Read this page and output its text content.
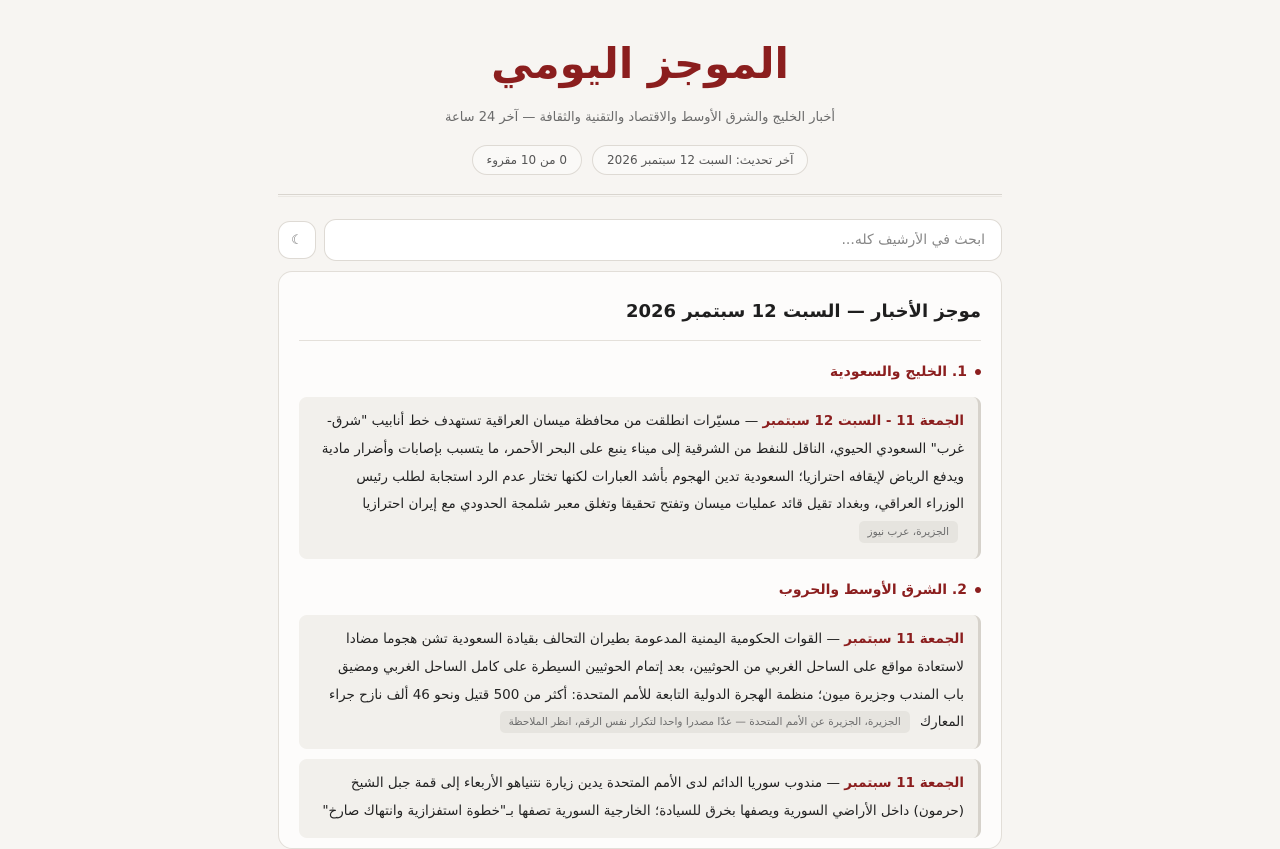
الموجز اليومي

أخبار الخليج والشرق الأوسط والاقتصاد والتقنية والثقافة — آخر 24 ساعة

آخر تحديث: السبت 12 سبتمبر 2026
0 من 10 مقروء
ابحث في الأرشيف كله...
☾
موجز الأخبار — السبت 12 سبتمبر 2026
1. الخليج والسعودية
الجمعة 11 - السبت 12 سبتمبر — مسيّرات انطلقت من محافظة ميسان العراقية تستهدف خط أنابيب "شرق-غرب" السعودي الحيوي، الناقل للنفط من الشرقية إلى ميناء ينبع على البحر الأحمر، ما يتسبب بإصابات وأضرار مادية ويدفع الرياض لإيقافه احترازيا؛ السعودية تدين الهجوم بأشد العبارات لكنها تختار عدم الرد استجابة لطلب رئيس الوزراء العراقي، وبغداد تقيل قائد عمليات ميسان وتفتح تحقيقا وتغلق معبر شلمجة الحدودي مع إيران احترازيا الجزيرة، عرب نيوز
2. الشرق الأوسط والحروب
الجمعة 11 سبتمبر — القوات الحكومية اليمنية المدعومة بطيران التحالف بقيادة السعودية تشن هجوما مضادا لاستعادة مواقع على الساحل الغربي من الحوثيين، بعد إتمام الحوثيين السيطرة على كامل الساحل الغربي ومضيق باب المندب وجزيرة ميون؛ منظمة الهجرة الدولية التابعة للأمم المتحدة: أكثر من 500 قتيل ونحو 46 ألف نازح جراء المعارك الجزيرة، الجزيرة عن الأمم المتحدة — عدّا مصدرا واحدا لتكرار نفس الرقم، انظر الملاحظة
الجمعة 11 سبتمبر — مندوب سوريا الدائم لدى الأمم المتحدة يدين زيارة نتنياهو الأربعاء إلى قمة جبل الشيخ (حرمون) داخل الأراضي السورية ويصفها بخرق للسيادة؛ الخارجية السورية تصفها بـ"خطوة استفزازية وانتهاك صارخ"
